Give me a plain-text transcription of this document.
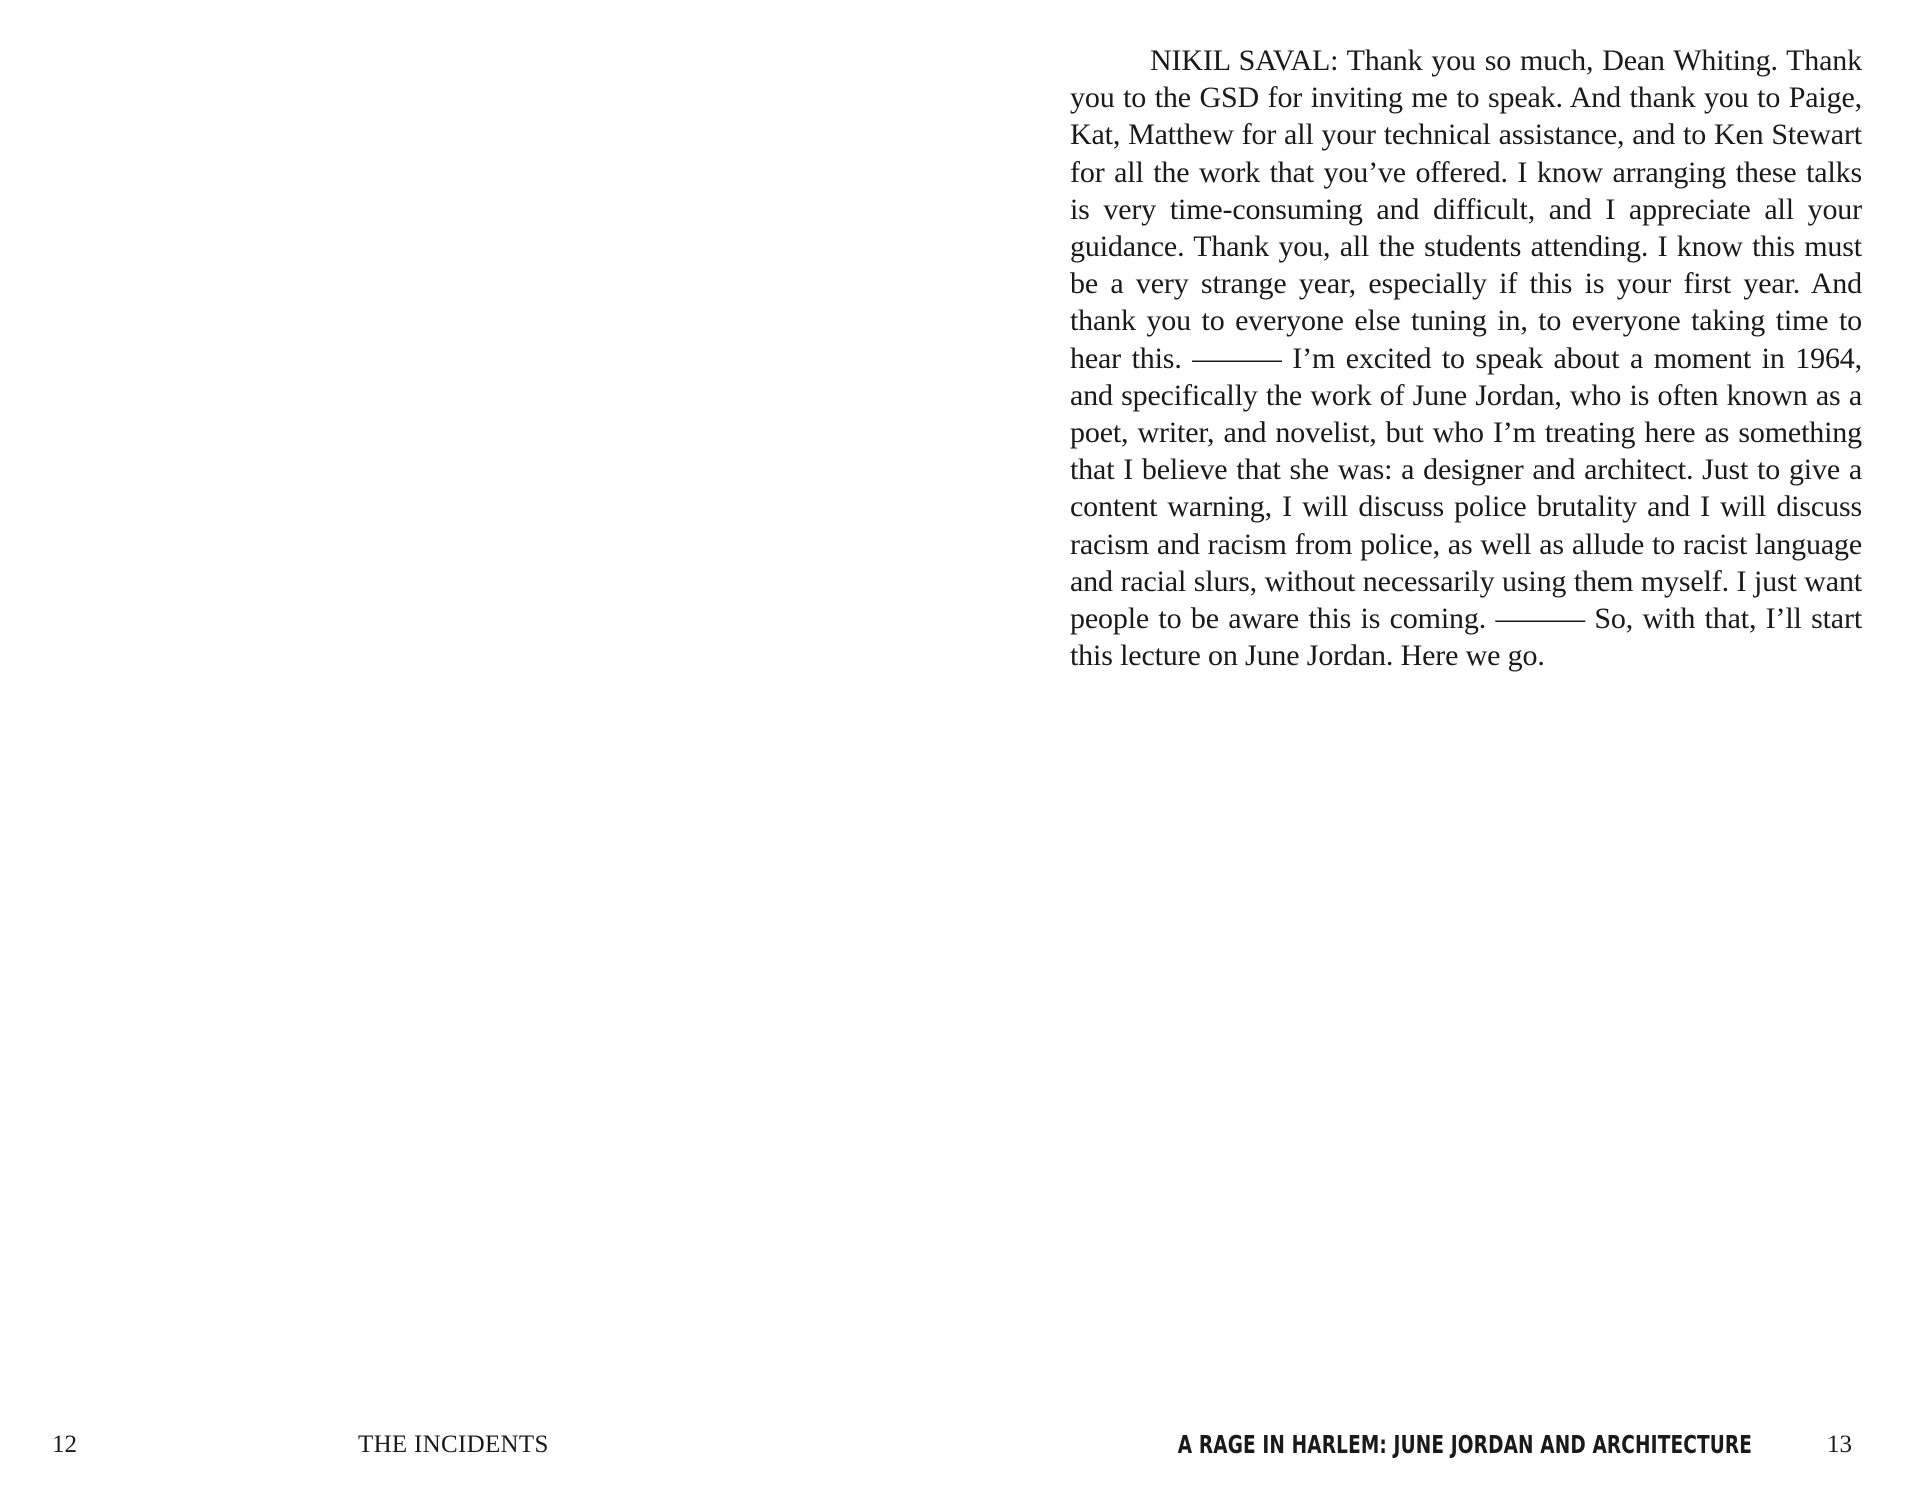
12	THE INCIDENTS

NIKIL SAVAL: Thank you so much, Dean Whiting. Thank you to the GSD for inviting me to speak. And thank you to Paige, Kat, Matthew for all your technical assistance, and to Ken Stewart for all the work that you’ve offered. I know arranging these talks is very time-consuming and difficult, and I appreciate all your guidance. Thank you, all the students attending. I know this must be a very strange year, especially if this is your first year. And thank you to everyone else tuning in, to everyone taking time to hear this. ——— I’m excited to speak about a moment in 1964, and specifically the work of June Jordan, who is often known as a poet, writer, and novelist, but who I’m treating here as something that I believe that she was: a designer and architect. Just to give a content warning, I will discuss police brutality and I will discuss racism and racism from police, as well as allude to racist language and racial slurs, without necessarily using them myself. I just want people to be aware this is coming. ——— So, with that, I’ll start this lecture on June Jordan. Here we go.

A RAGE IN HARLEM: JUNE JORDAN AND ARCHITECTURE	13
